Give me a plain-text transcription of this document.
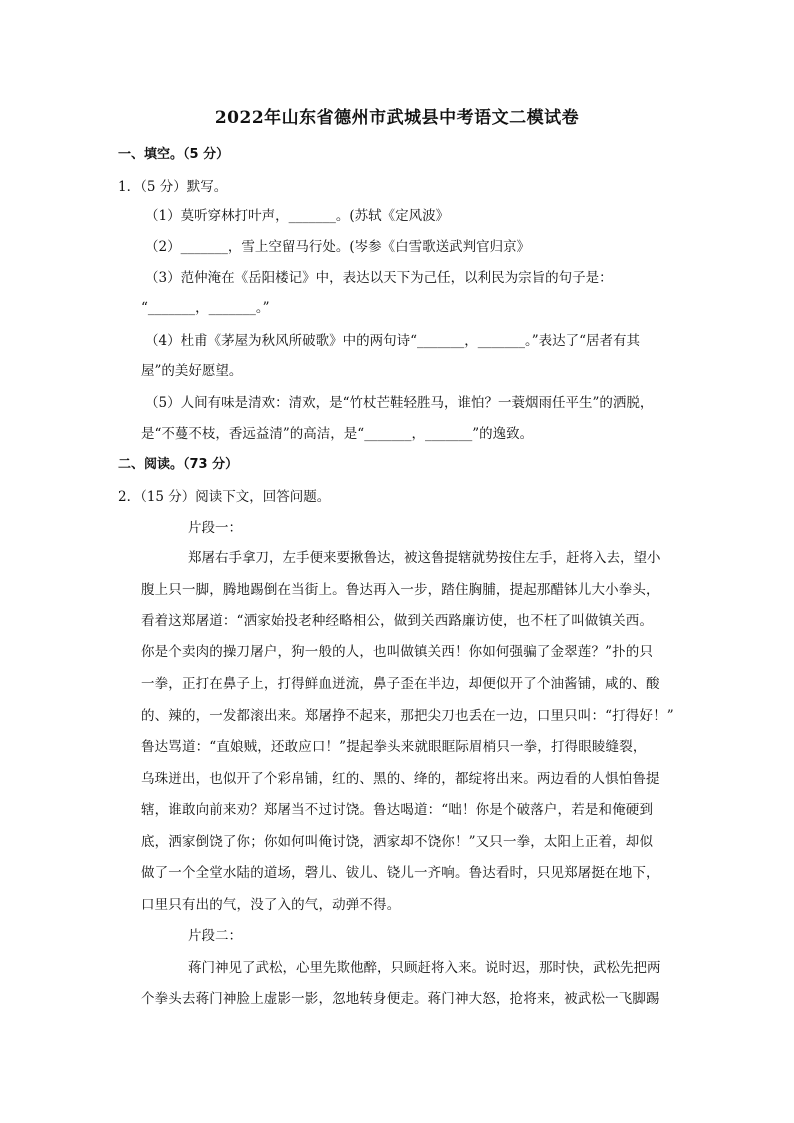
2022年山东省德州市武城县中考语文二模试卷
一、填空。（5 分）
1．（5 分）默写。
（1）莫听穿林打叶声，_______。(苏轼《定风波》
（2）_______，雪上空留马行处。(岑参《白雪歌送武判官归京》
（3）范仲淹在《岳阳楼记》中，表达以天下为己任，以利民为宗旨的句子是：
“_______，_______。”
（4）杜甫《茅屋为秋风所破歌》中的两句诗“_______，_______。”表达了“居者有其
屋”的美好愿望。
（5）人间有味是清欢：清欢，是“竹杖芒鞋轻胜马，谁怕？一蓑烟雨任平生”的洒脱，
是“不蔓不枝，香远益清”的高洁，是“_______，_______”的逸致。
二、阅读。（73 分）
2．（15 分）阅读下文，回答问题。
片段一：
郑屠右手拿刀，左手便来要揪鲁达，被这鲁提辖就势按住左手，赶将入去，望小
腹上只一脚，腾地踢倒在当街上。鲁达再入一步，踏住胸脯，提起那醋钵儿大小拳头，
看着这郑屠道：“洒家始投老种经略相公，做到关西路廉访使，也不枉了叫做镇关西。
你是个卖肉的操刀屠户，狗一般的人，也叫做镇关西！你如何强骗了金翠莲？”扑的只
一拳，正打在鼻子上，打得鲜血迸流，鼻子歪在半边，却便似开了个油酱铺，咸的、酸
的、辣的，一发都滚出来。郑屠挣不起来，那把尖刀也丢在一边，口里只叫：“打得好！”
鲁达骂道：“直娘贼，还敢应口！”提起拳头来就眼眶际眉梢只一拳，打得眼睖缝裂，
乌珠迸出，也似开了个彩帛铺，红的、黑的、绛的，都绽将出来。两边看的人惧怕鲁提
辖，谁敢向前来劝？郑屠当不过讨饶。鲁达喝道：“咄！你是个破落户，若是和俺硬到
底，洒家倒饶了你；你如何叫俺讨饶，洒家却不饶你！”又只一拳，太阳上正着，却似
做了一个全堂水陆的道场，磬儿、钹儿、铙儿一齐响。鲁达看时，只见郑屠挺在地下，
口里只有出的气，没了入的气，动弹不得。
片段二：
蒋门神见了武松，心里先欺他醉，只顾赶将入来。说时迟，那时快，武松先把两
个拳头去蒋门神脸上虚影一影，忽地转身便走。蒋门神大怒，抢将来，被武松一飞脚踢
